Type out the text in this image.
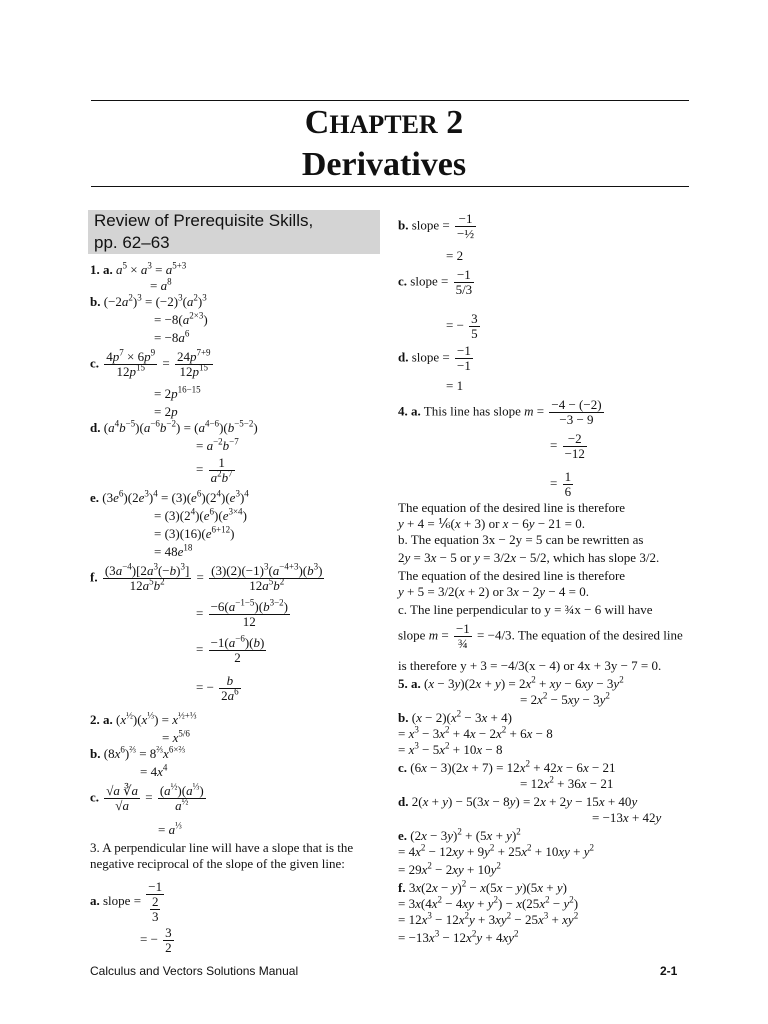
CHAPTER 2
Derivatives
Review of Prerequisite Skills,
pp. 62–63
1. a. $a^5 \times a^3 = a^{5+3}$
= $a^8$
b. $(-2a^2)^3 = (-2)^3(a^2)^3$
= $-8(a^{2\times 3})$
= $-8a^6$
c. $\frac{4p^7 \times 6p^9}{12p^{15}} = \frac{24p^{7+9}}{12p^{15}}$
= $2p^{16-15}$
= 2p
d. $(a^4b^{-5})(a^{-6}b^{-2}) = (a^{4-6})(b^{-5-2})$
= $a^{-2}b^{-7}$
= $\frac{1}{a^2b^7}$
e. $(3e^6)(2e^3)^4 = (3)(e^6)(2^4)(e^3)^4$
= $(3)(2^4)(e^6)(e^{3\times 4})$
= $(3)(16)(e^{6+12})$
= $48e^{18}$
f. $\frac{(3a^{-4})[2a^3(-b)^3]}{12a^5b^2} = \frac{(3)(2)(-1)^3(a^{-4+3})(b^3)}{12a^5b^2}$
= $\frac{-6(a^{-1-5})(b^{3-2})}{12}$
= $\frac{-1(a^{-6})(b)}{2}$
= − $\frac{b}{2a^6}$
2. a. $(x^{\frac{1}{2}})(x^{\frac{1}{3}}) = x^{\frac{1}{2}+\frac{1}{3}}$
= $x^{5/6}$
b. $(8x^6)^{\frac{2}{3}} = 8^{\frac{2}{3}}x^{6\times\frac{2}{3}}$
= $4x^4$
c. $\frac{√a ∛a}{√a} = \frac{(a^{\frac{1}{2}})(a^{\frac{1}{3}})}{a^{\frac{1}{2}}}$
= $a^{\frac{1}{3}}$
3. A perpendicular line will have a slope that is the
negative reciprocal of the slope of the given line:
a. slope = $\frac{-1}{\frac{2}{3}}$
= − $\frac{3}{2}$
b. slope = −1
−½
= 2
c. slope = $\frac{-1}{5/3}$
= − $\frac{3}{5}$
d. slope = $\frac{-1}{-1}$
= 1
4. a. This line has slope $m = \frac{-4 - (-2)}{-3 - 9}$
= $\frac{-2}{-12}$
= $\frac{1}{6}$
The equation of the desired line is therefore
y + 4 = ⅙(x + 3) or x − 6y − 21 = 0.
b. The equation 3x − 2y = 5 can be rewritten as
2y = 3x − 5 or y = 3/2x − 5/2, which has slope 3/2.
The equation of the desired line is therefore
y + 5 = 3/2(x + 2) or 3x − 2y − 4 = 0.
c. The line perpendicular to y = ¾x − 6 will have
slope m = −1
¾
= −4/3. The equation of the desired line
is therefore y + 3 = −4/3(x − 4) or 4x + 3y − 7 = 0.
5. a. $(x - 3y)(2x + y) = 2x^2$ + xy − $6xy - 3y^2$
= $2x^2 - 5xy - 3y^2$
b. $(x - 2)(x^2 - 3x + 4)$
= $x^3 - 3x^2 + 4x - 2x^2 + 6x - 8$
= $x^3 - 5x^2 + 10x - 8$
c. $(6x - 3)(2x + 7) = 12x^2 + 42x - 6x - 21$
= $12x^2 + 36x - 21$
d. 2(x + y) − 5(3x − 8y) = 2x + 2y − 15x + 40y
= −13x + 42y
e. $(2x - 3y)^2 + (5x + y)^2$
= $4x^2 - 12xy + 9y^2 + 25x^2 + 10xy + y^2$
= $29x^2 - 2xy + 10y^2$
f. $3x(2x - y)^2 - x(5x - y)(5x + y)$
= $3x(4x^2 - 4xy + y^2) - x(25x^2 - y^2)$
= $12x^3 - 12x^2y + 3xy^2 - 25x^3 + xy^2$
= $-13x^3 - 12x^2y + 4xy^2$
Calculus and Vectors Solutions Manual	2-1
